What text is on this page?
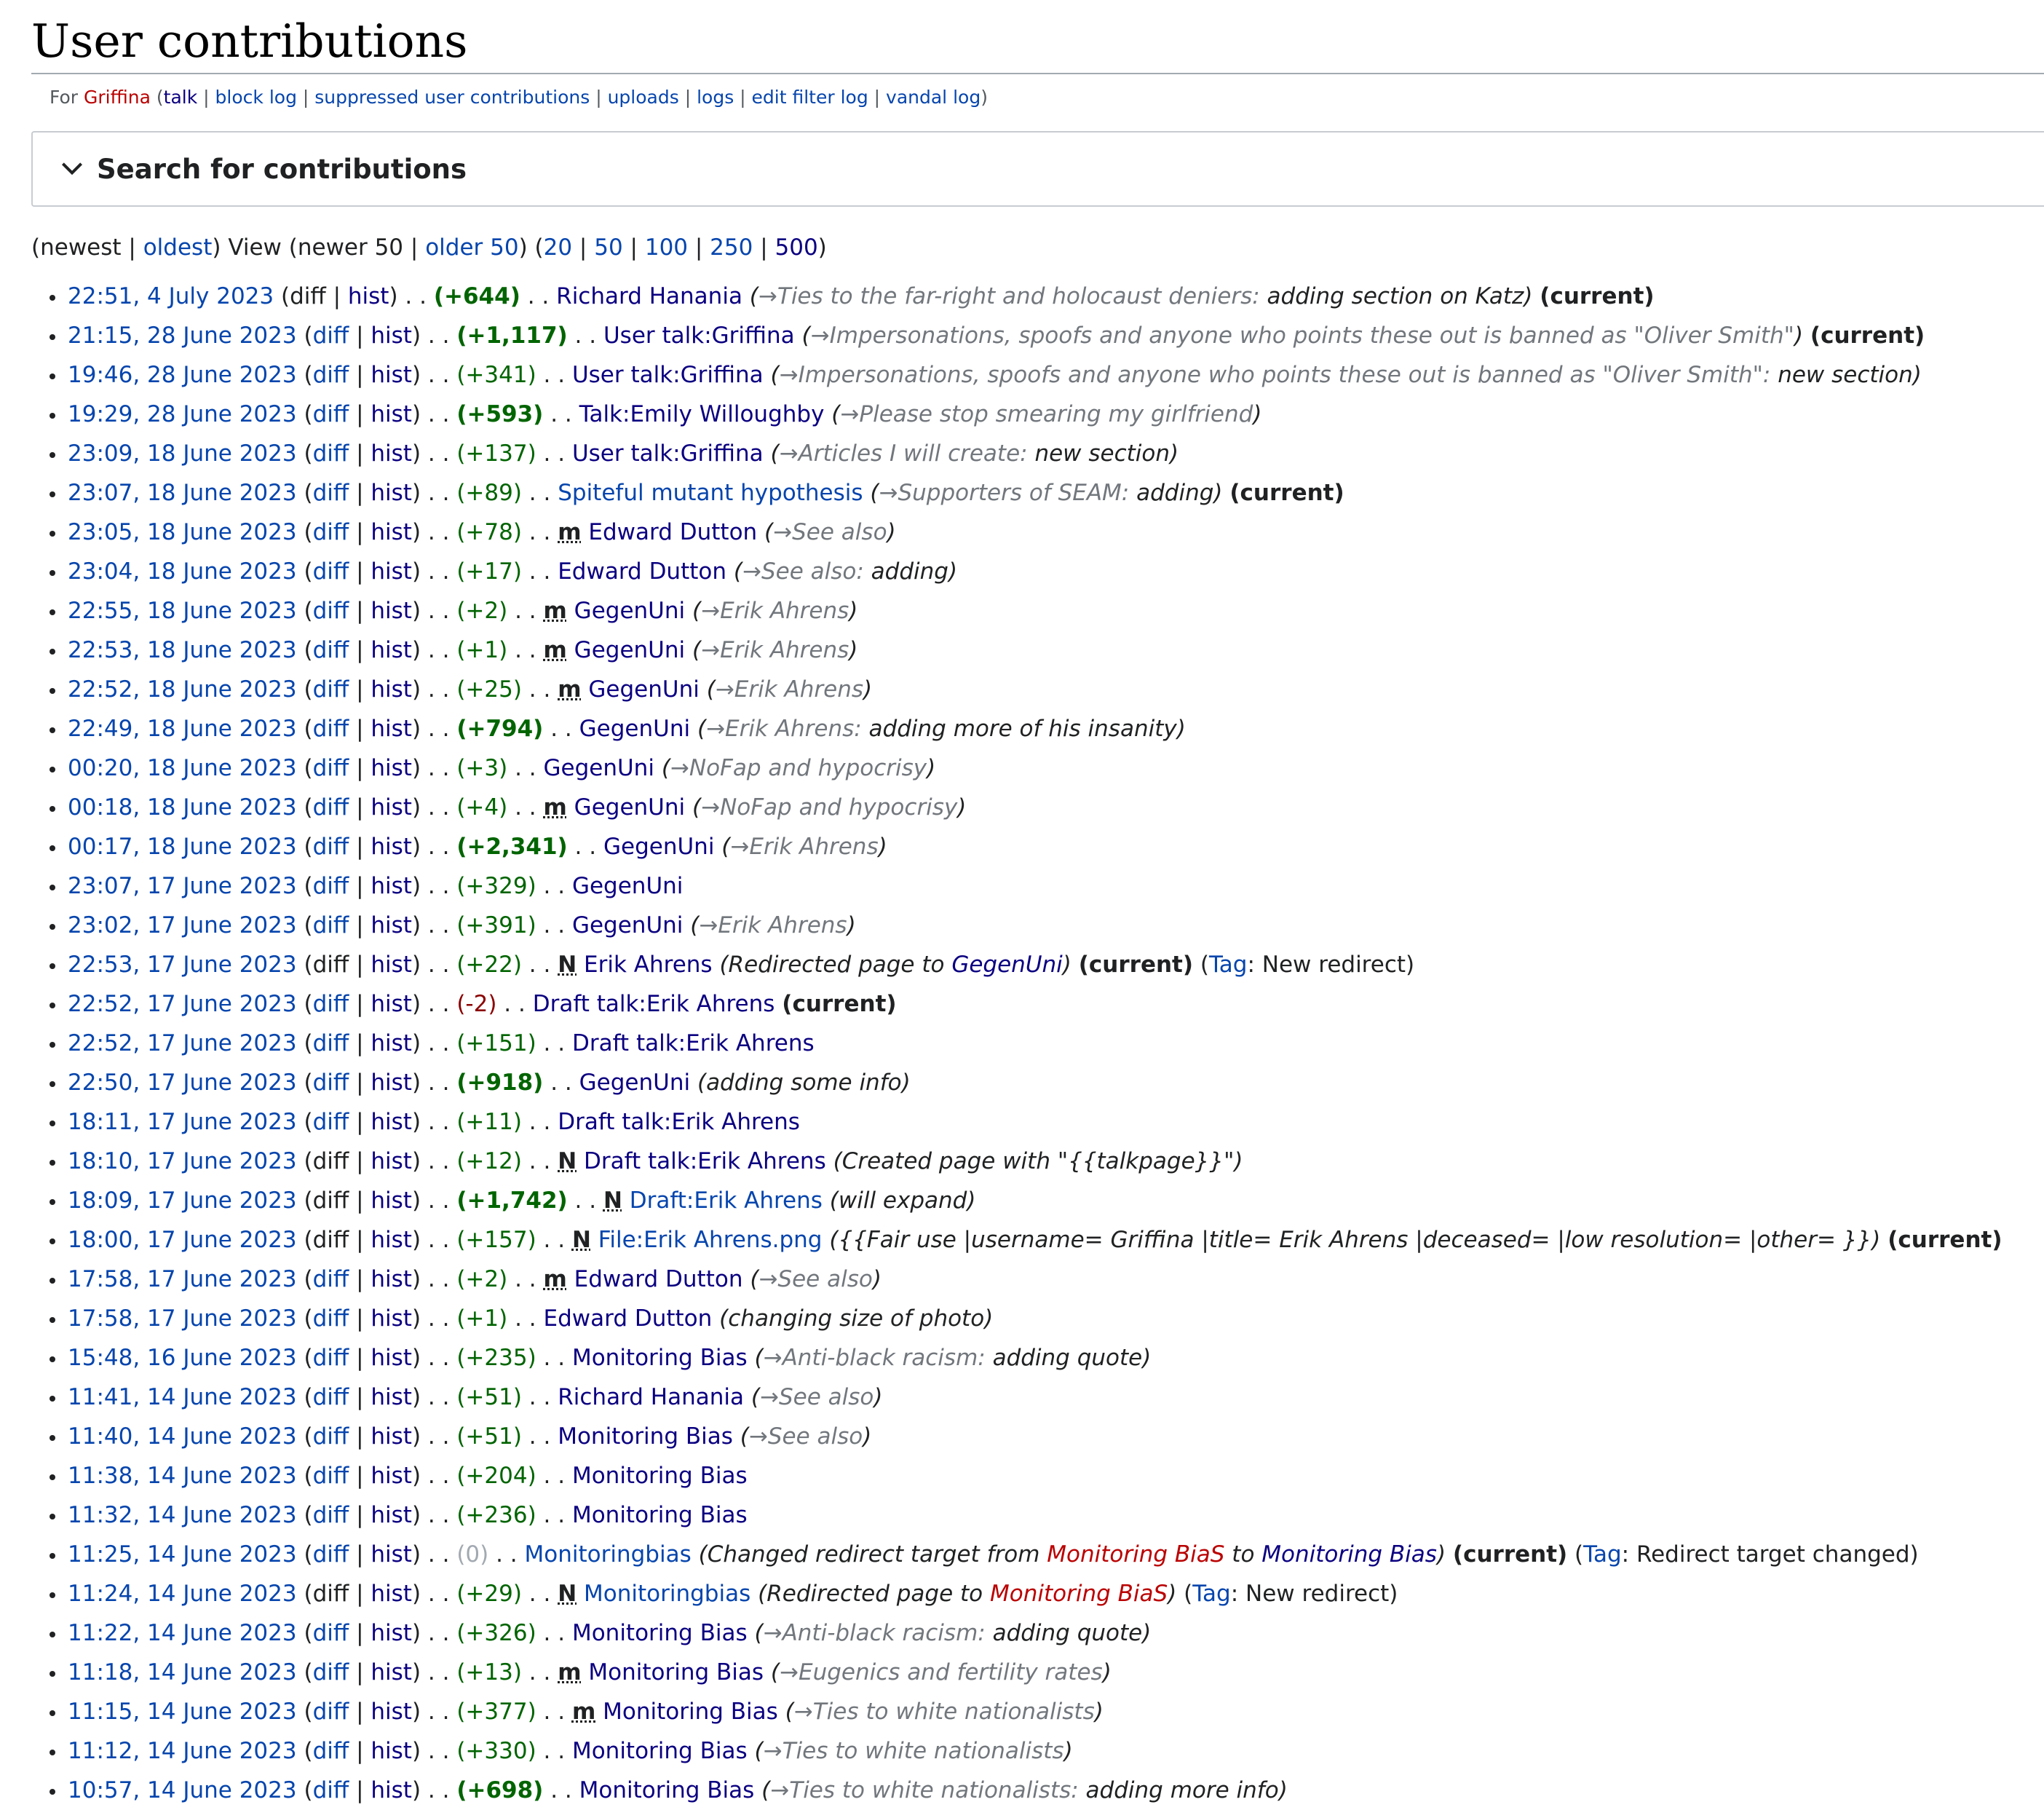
User contributions
For Griffina (talk | block log | suppressed user contributions | uploads | logs | edit filter log | vandal log)
Search for contributions
(newest | oldest) View (newer 50 | older 50) (20 | 50 | 100 | 250 | 500)
22:51, 4 July 2023 (diff | hist) . . (+644) . . Richard Hanania (→Ties to the far-right and holocaust deniers: adding section on Katz) (current)
21:15, 28 June 2023 (diff | hist) . . (+1,117) . . User talk:Griffina (→Impersonations, spoofs and anyone who points these out is banned as "Oliver Smith") (current)
19:46, 28 June 2023 (diff | hist) . . (+341) . . User talk:Griffina (→Impersonations, spoofs and anyone who points these out is banned as "Oliver Smith": new section)
19:29, 28 June 2023 (diff | hist) . . (+593) . . Talk:Emily Willoughby (→Please stop smearing my girlfriend)
23:09, 18 June 2023 (diff | hist) . . (+137) . . User talk:Griffina (→Articles I will create: new section)
23:07, 18 June 2023 (diff | hist) . . (+89) . . Spiteful mutant hypothesis (→Supporters of SEAM: adding) (current)
23:05, 18 June 2023 (diff | hist) . . (+78) . . m Edward Dutton (→See also)
23:04, 18 June 2023 (diff | hist) . . (+17) . . Edward Dutton (→See also: adding)
22:55, 18 June 2023 (diff | hist) . . (+2) . . m GegenUni (→Erik Ahrens)
22:53, 18 June 2023 (diff | hist) . . (+1) . . m GegenUni (→Erik Ahrens)
22:52, 18 June 2023 (diff | hist) . . (+25) . . m GegenUni (→Erik Ahrens)
22:49, 18 June 2023 (diff | hist) . . (+794) . . GegenUni (→Erik Ahrens: adding more of his insanity)
00:20, 18 June 2023 (diff | hist) . . (+3) . . GegenUni (→NoFap and hypocrisy)
00:18, 18 June 2023 (diff | hist) . . (+4) . . m GegenUni (→NoFap and hypocrisy)
00:17, 18 June 2023 (diff | hist) . . (+2,341) . . GegenUni (→Erik Ahrens)
23:07, 17 June 2023 (diff | hist) . . (+329) . . GegenUni
23:02, 17 June 2023 (diff | hist) . . (+391) . . GegenUni (→Erik Ahrens)
22:53, 17 June 2023 (diff | hist) . . (+22) . . N Erik Ahrens (Redirected page to GegenUni) (current) (Tag: New redirect)
22:52, 17 June 2023 (diff | hist) . . (-2) . . Draft talk:Erik Ahrens (current)
22:52, 17 June 2023 (diff | hist) . . (+151) . . Draft talk:Erik Ahrens
22:50, 17 June 2023 (diff | hist) . . (+918) . . GegenUni (adding some info)
18:11, 17 June 2023 (diff | hist) . . (+11) . . Draft talk:Erik Ahrens
18:10, 17 June 2023 (diff | hist) . . (+12) . . N Draft talk:Erik Ahrens (Created page with "{{talkpage}}")
18:09, 17 June 2023 (diff | hist) . . (+1,742) . . N Draft:Erik Ahrens (will expand)
18:00, 17 June 2023 (diff | hist) . . (+157) . . N File:Erik Ahrens.png ({{Fair use |username= Griffina |title= Erik Ahrens |deceased= |low resolution= |other= }}) (current)
17:58, 17 June 2023 (diff | hist) . . (+2) . . m Edward Dutton (→See also)
17:58, 17 June 2023 (diff | hist) . . (+1) . . Edward Dutton (changing size of photo)
15:48, 16 June 2023 (diff | hist) . . (+235) . . Monitoring Bias (→Anti-black racism: adding quote)
11:41, 14 June 2023 (diff | hist) . . (+51) . . Richard Hanania (→See also)
11:40, 14 June 2023 (diff | hist) . . (+51) . . Monitoring Bias (→See also)
11:38, 14 June 2023 (diff | hist) . . (+204) . . Monitoring Bias
11:32, 14 June 2023 (diff | hist) . . (+236) . . Monitoring Bias
11:25, 14 June 2023 (diff | hist) . . (0) . . Monitoringbias (Changed redirect target from Monitoring BiaS to Monitoring Bias) (current) (Tag: Redirect target changed)
11:24, 14 June 2023 (diff | hist) . . (+29) . . N Monitoringbias (Redirected page to Monitoring BiaS) (Tag: New redirect)
11:22, 14 June 2023 (diff | hist) . . (+326) . . Monitoring Bias (→Anti-black racism: adding quote)
11:18, 14 June 2023 (diff | hist) . . (+13) . . m Monitoring Bias (→Eugenics and fertility rates)
11:15, 14 June 2023 (diff | hist) . . (+377) . . m Monitoring Bias (→Ties to white nationalists)
11:12, 14 June 2023 (diff | hist) . . (+330) . . Monitoring Bias (→Ties to white nationalists)
10:57, 14 June 2023 (diff | hist) . . (+698) . . Monitoring Bias (→Ties to white nationalists: adding more info)
